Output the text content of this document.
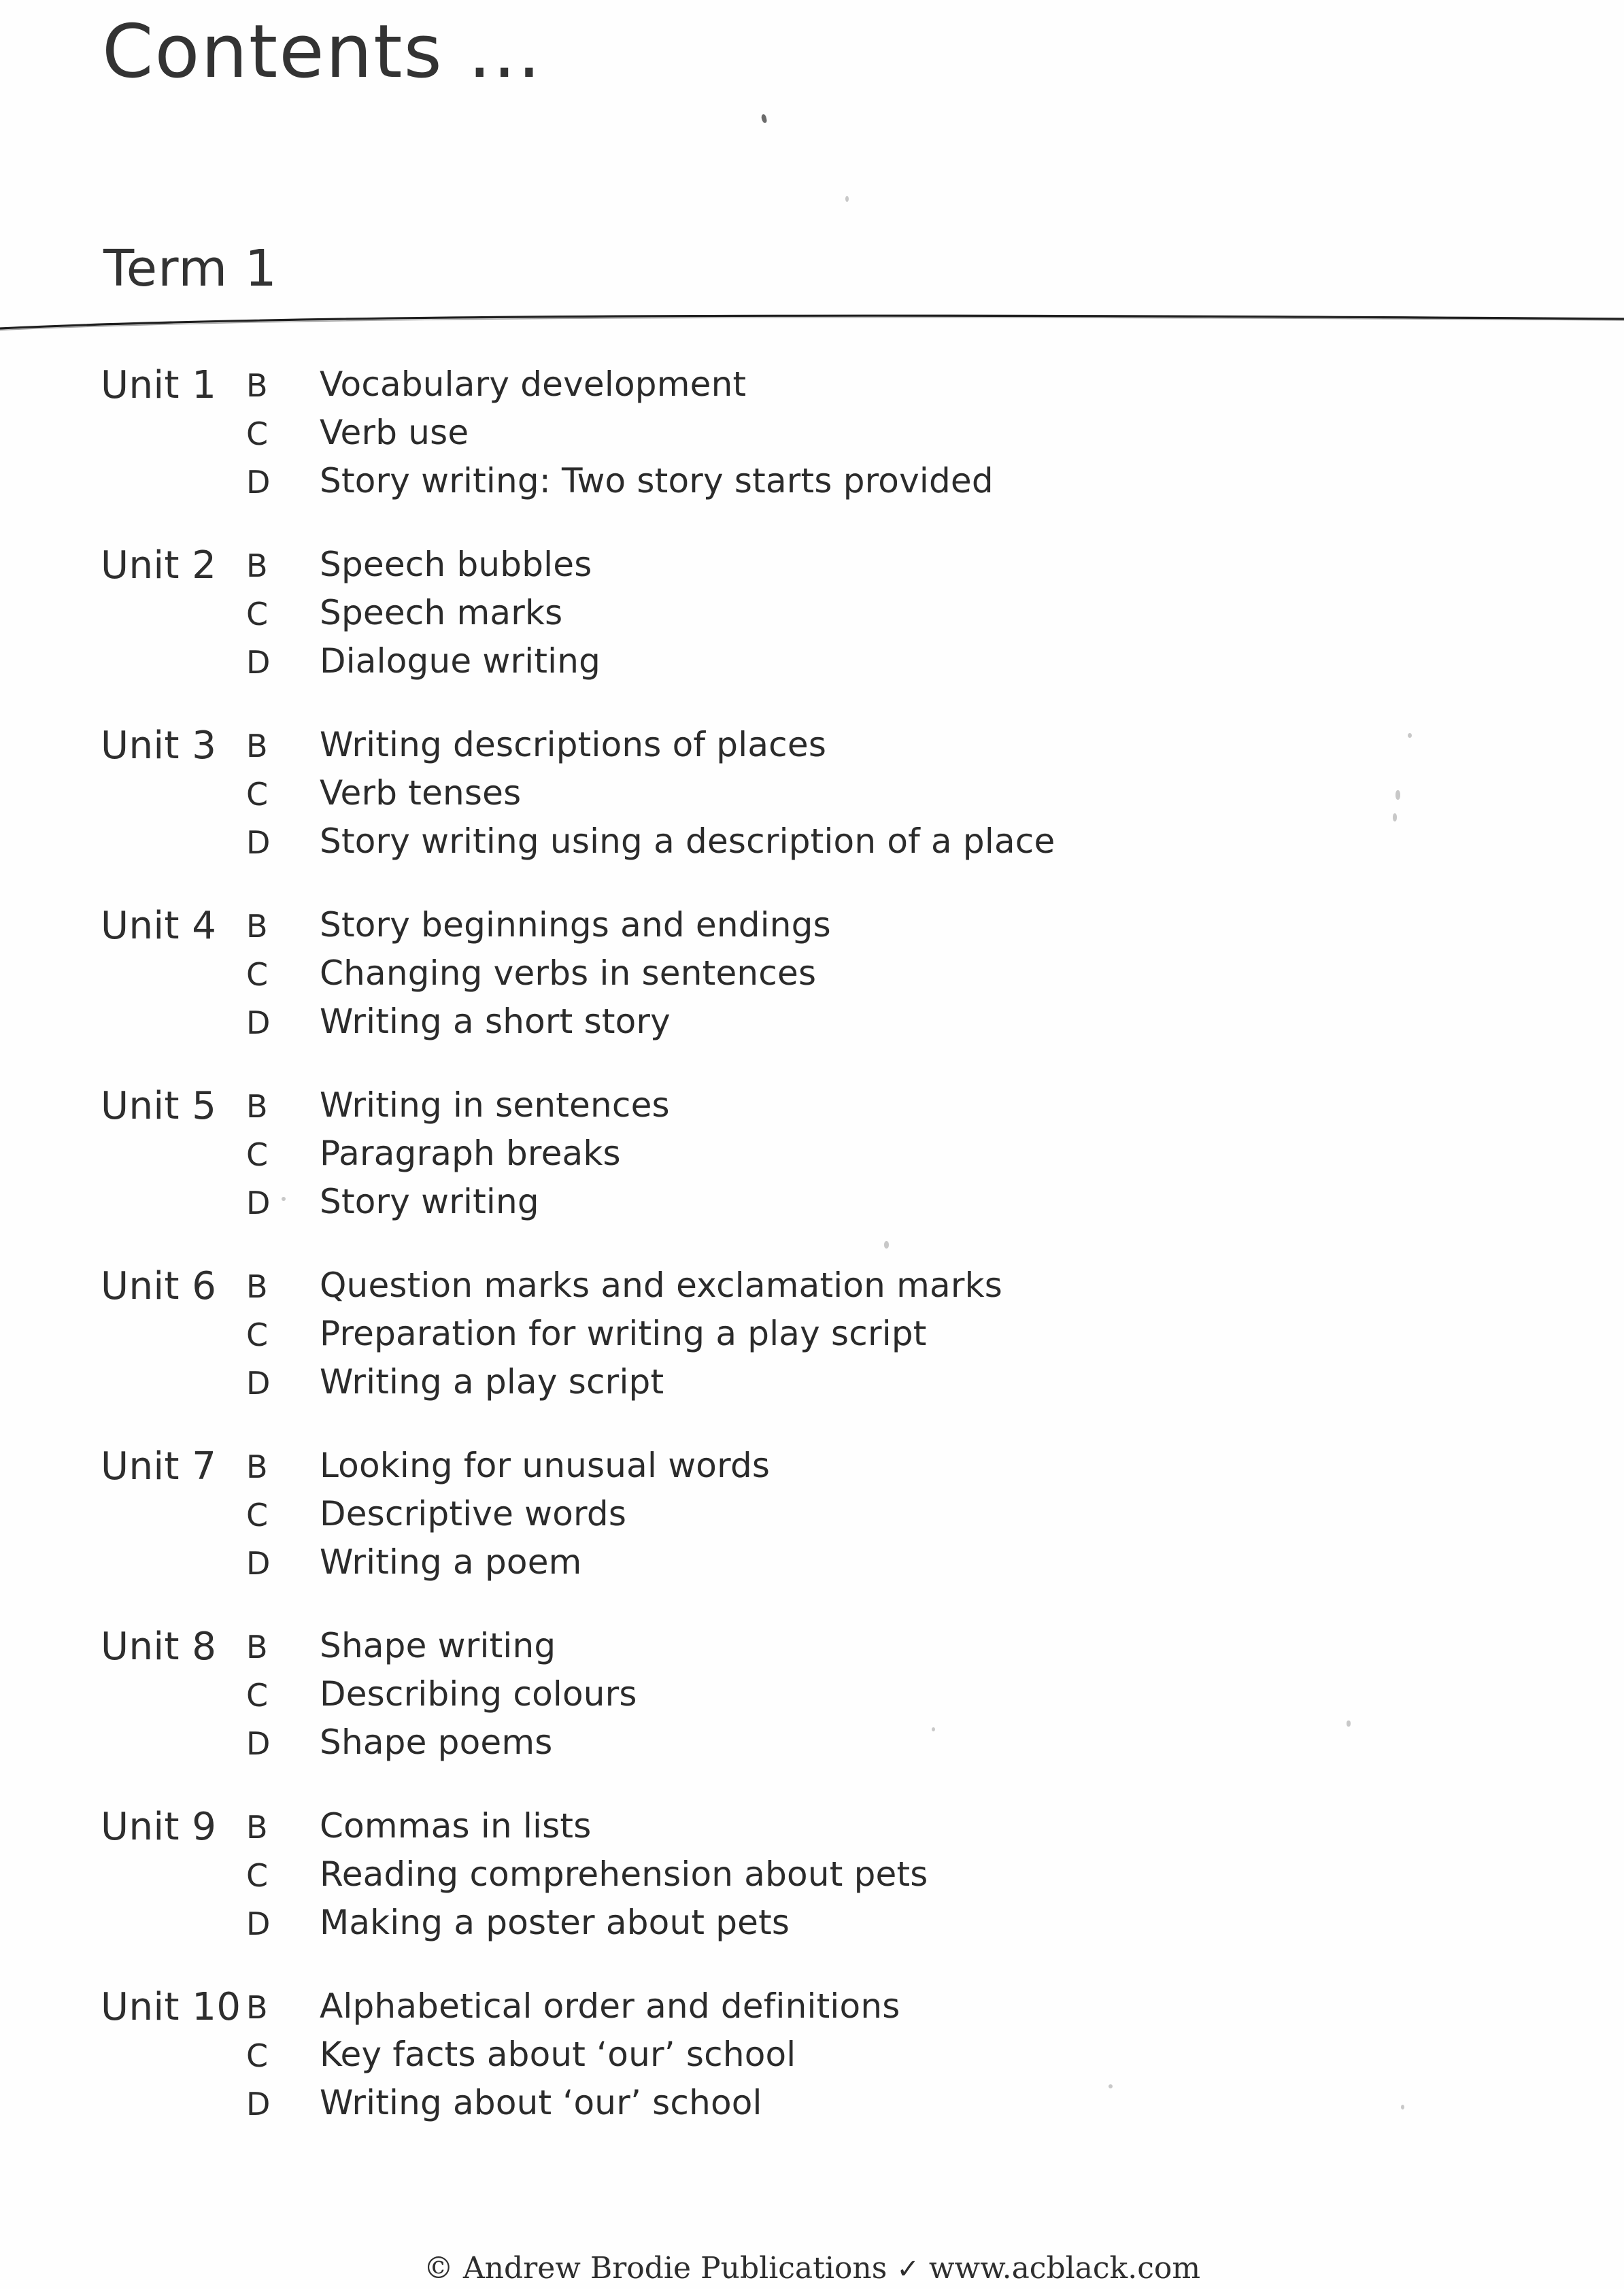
Contents ...
Term 1
Unit 1 B	Vocabulary development
C	Verb use
D	Story writing: Two story starts provided
Unit 2 B	Speech bubbles
C	Speech marks
D	Dialogue writing
Unit 3 B	Writing descriptions of places
C	Verb tenses
D	Story writing using a description of a place
Unit 4 B	Story beginnings and endings
C	Changing verbs in sentences
D	Writing a short story
Unit 5 B	Writing in sentences
C	Paragraph breaks
D	Story writing
Unit 6 B	Question marks and exclamation marks
C	Preparation for writing a play script
D	Writing a play script
Unit 7 B	Looking for unusual words
C	Descriptive words
D	Writing a poem
Unit 8 B	Shape writing
C	Describing colours
D	Shape poems
Unit 9 B	Commas in lists
C	Reading comprehension about pets
D	Making a poster about pets
Unit 10 B	Alphabetical order and definitions
C	Key facts about ‘our’ school
D	Writing about ‘our’ school
© Andrew Brodie Publications ✓ www.acblack.com
